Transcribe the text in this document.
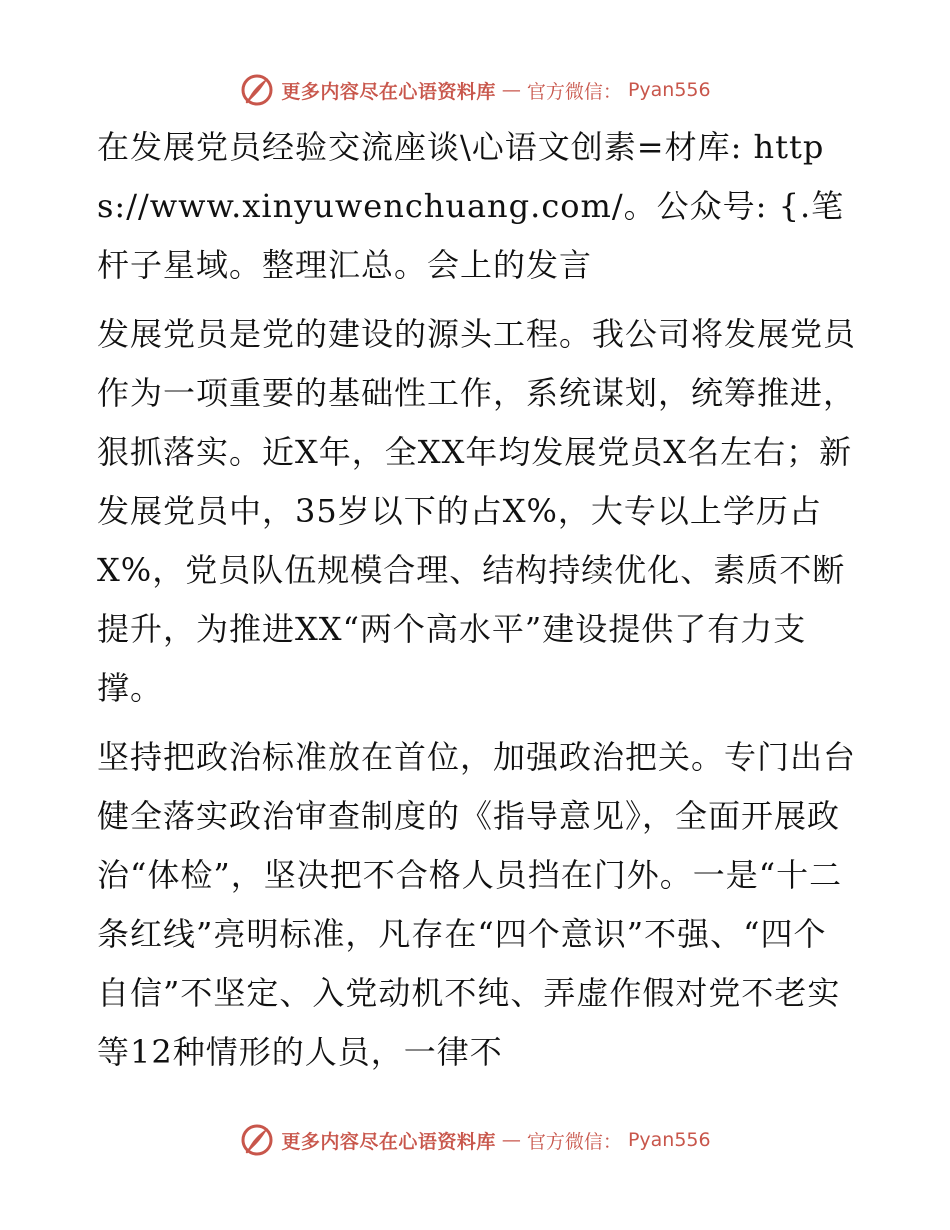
更多内容尽在心语资料库 — 官方微信： Pyan556

在发展党员经验交流座谈\心语文创素=材库: https://www.xinyuwenchuang.com/。公众号: {.笔杆子星域。整理汇总。会上的发言

发展党员是党的建设的源头工程。我公司将发展党员作为一项重要的基础性工作，系统谋划，统筹推进，狠抓落实。近X年，全XX年均发展党员X名左右；新发展党员中，35岁以下的占X%，大专以上学历占X%，党员队伍规模合理、结构持续优化、素质不断提升，为推进XX“两个高水平”建设提供了有力支撑。

坚持把政治标准放在首位，加强政治把关。专门出台健全落实政治审查制度的《指导意见》，全面开展政治“体检”，坚决把不合格人员挡在门外。一是“十二条红线”亮明标准，凡存在“四个意识”不强、“四个自信”不坚定、入党动机不纯、弄虚作假对党不老实等12种情形的人员，一律不

更多内容尽在心语资料库 — 官方微信： Pyan556
